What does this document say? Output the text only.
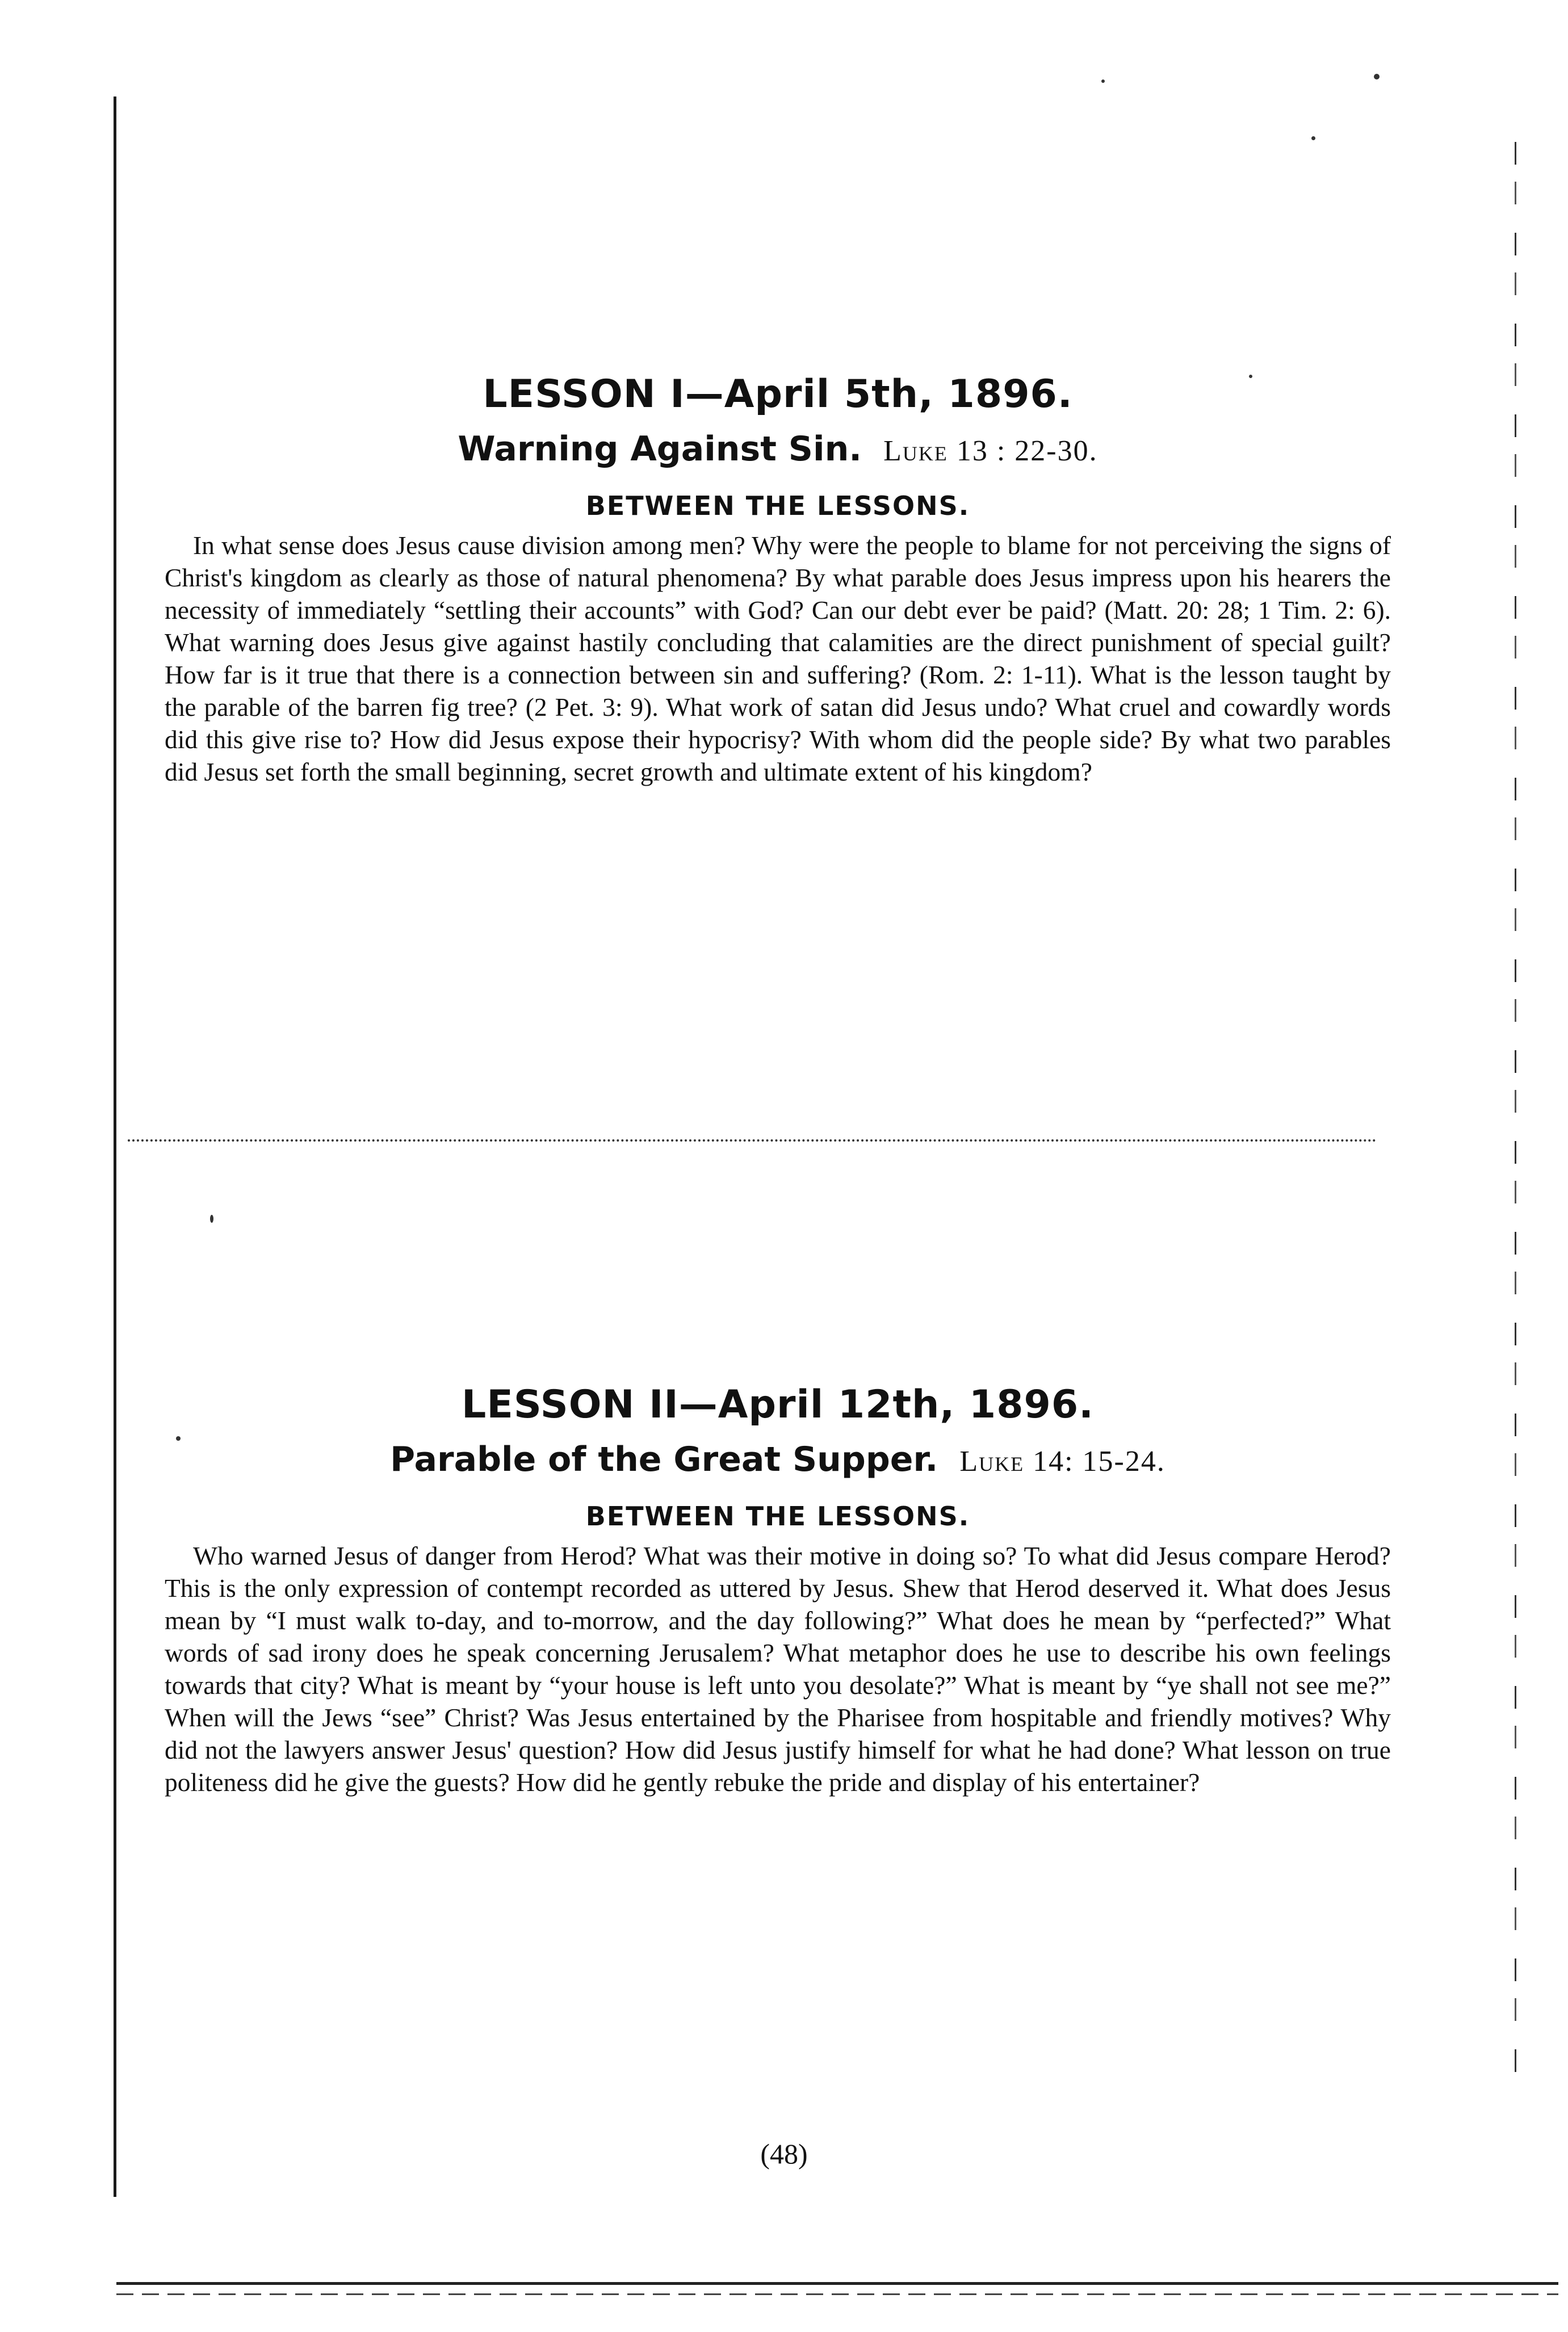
LESSON I—April 5th, 1896.
Warning Against Sin. Luke 13 : 22-30.
BETWEEN THE LESSONS.

In what sense does Jesus cause division among men? Why were the people to blame for not perceiving the signs of Christ's kingdom as clearly as those of natural phenomena? By what parable does Jesus impress upon his hearers the necessity of immediately “settling their accounts” with God? Can our debt ever be paid? (Matt. 20: 28; 1 Tim. 2: 6). What warning does Jesus give against hastily concluding that calamities are the direct punishment of special guilt? How far is it true that there is a connection between sin and suffering? (Rom. 2: 1-11). What is the lesson taught by the parable of the barren fig tree? (2 Pet. 3: 9). What work of satan did Jesus undo? What cruel and cowardly words did this give rise to? How did Jesus expose their hypocrisy? With whom did the people side? By what two parables did Jesus set forth the small beginning, secret growth and ultimate extent of his kingdom?

LESSON II—April 12th, 1896.
Parable of the Great Supper. Luke 14: 15-24.
BETWEEN THE LESSONS.

Who warned Jesus of danger from Herod? What was their motive in doing so? To what did Jesus compare Herod? This is the only expression of contempt recorded as uttered by Jesus. Shew that Herod deserved it. What does Jesus mean by “I must walk to-day, and to-morrow, and the day following?” What does he mean by “perfected?” What words of sad irony does he speak concerning Jerusalem? What metaphor does he use to describe his own feelings towards that city? What is meant by “your house is left unto you desolate?” What is meant by “ye shall not see me?” When will the Jews “see” Christ? Was Jesus entertained by the Pharisee from hospitable and friendly motives? Why did not the lawyers answer Jesus' question? How did Jesus justify himself for what he had done? What lesson on true politeness did he give the guests? How did he gently rebuke the pride and display of his entertainer?

(48)
